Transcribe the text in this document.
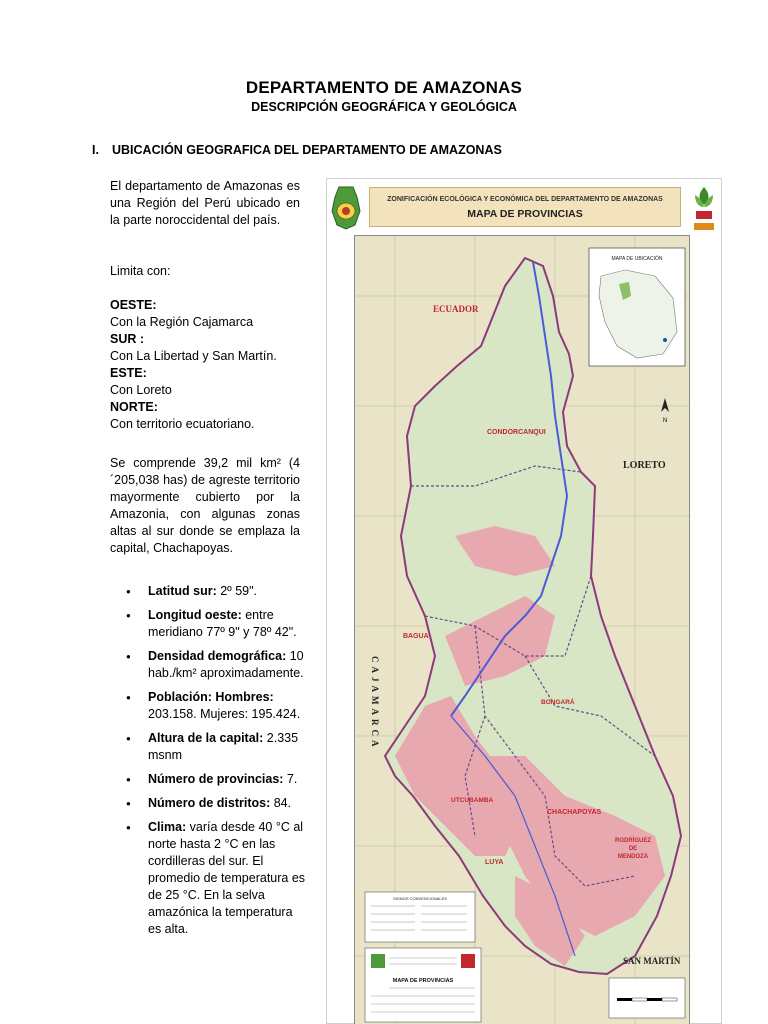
DEPARTAMENTO DE AMAZONAS
DESCRIPCIÓN GEOGRÁFICA Y GEOLÓGICA
I. UBICACIÓN GEOGRAFICA DEL DEPARTAMENTO DE AMAZONAS
El departamento de Amazonas es una Región del Perú ubicado en la parte noroccidental del país.
Limita con:
OESTE:
Con la Región Cajamarca
SUR :
Con La Libertad y San Martín.
ESTE:
Con Loreto
NORTE:
Con territorio ecuatoriano.
Se comprende 39,2 mil km² (4´205,038 has) de agreste territorio mayormente cubierto por la Amazonia, con algunas zonas altas al sur donde se emplaza la capital, Chachapoyas.
● Latitud sur: 2º 59".
● Longitud oeste: entre meridiano 77º 9" y 78º 42".
● Densidad demográfica: 10 hab./km² aproximadamente.
● Población: Hombres: 203.158. Mujeres: 195.424.
● Altura de la capital: 2.335 msnm
● Número de provincias: 7.
● Número de distritos: 84.
● Clima: varía desde 40 °C al norte hasta 2 °C en las cordilleras del sur. El promedio de temperatura es de 25 °C. En la selva amazónica la temperatura es alta.
ZONIFICACIÓN ECOLÓGICA Y ECONÓMICA DEL DEPARTAMENTO DE AMAZONAS
MAPA DE PROVINCIAS
MAPA DE UBICACIÓN
N
ECUADOR
CONDORCANQUI
LORETO
BAGUA
BONGARÁ
UTCUBAMBA
CHACHAPOYAS
RODRÍGUEZ
DE
MENDOZA
LUYA
SAN MARTÍN
CAJAMARCA
SIGNOS CONVENCIONALES
MAPA DE PROVINCIAS
